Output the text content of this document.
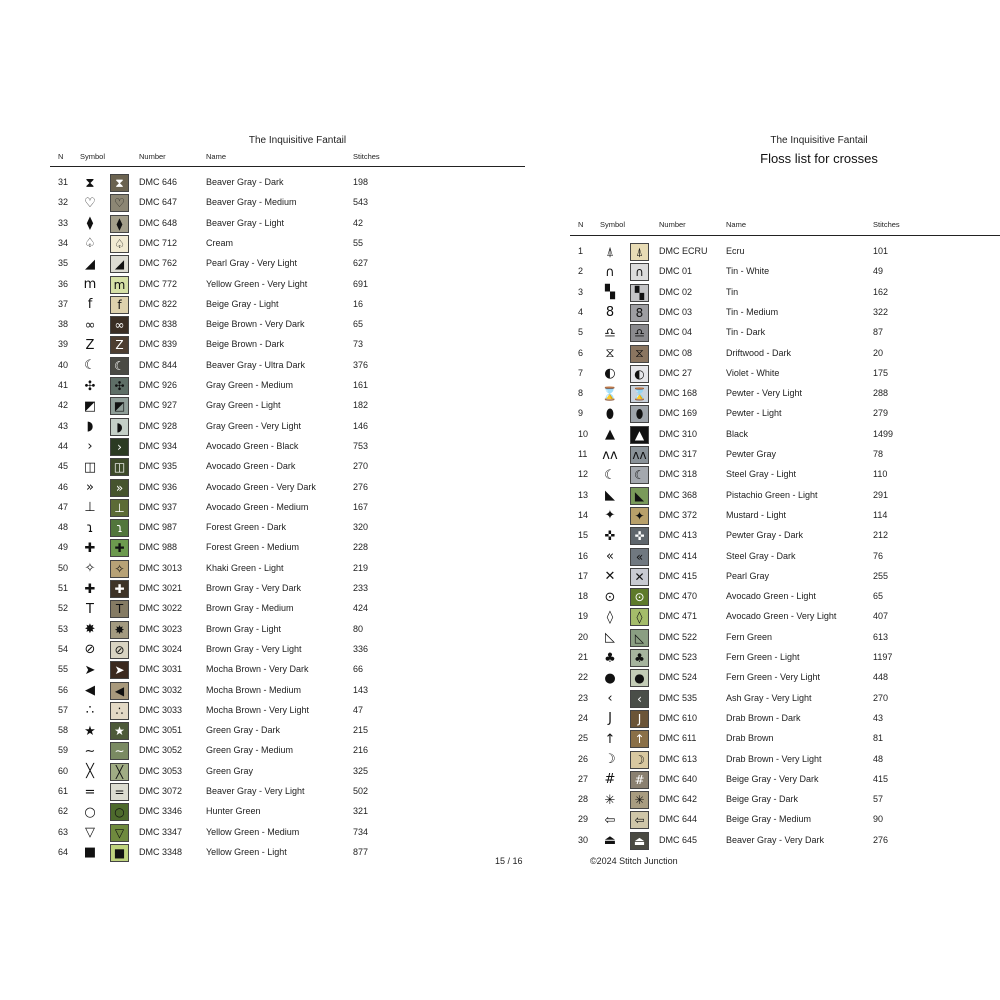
The Inquisitive Fantail
N Symbol	Number	Name	Stitches
31 ⧗	⧗	DMC 646	Beaver Gray - Dark	198
32 ♡	♡	DMC 647	Beaver Gray - Medium	543
33	⧫	⧫	DMC 648	Beaver Gray - Light	42
34 ♤	♤	DMC 712	Cream	55
35 ◢	◢	DMC 762	Pearl Gray - Very Light	627
36 m	m	DMC 772	Yellow Green - Very Light	691
37	f	f	DMC 822	Beige Gray - Light	16
38 ∞	∞	DMC 838	Beige Brown - Very Dark	65
39 Z	Z	DMC 839	Beige Brown - Dark	73
40 ☾	☾	DMC 844	Beaver Gray - Ultra Dark	376
41 ✣	✣	DMC 926	Gray Green - Medium	161
42 ◩	◩	DMC 927	Gray Green - Light	182
43	◗	◗	DMC 928	Gray Green - Very Light	146
44	›	›	DMC 934	Avocado Green - Black	753
45 ◫	◫	DMC 935	Avocado Green - Dark	270
46	»	»	DMC 936	Avocado Green - Very Dark	276
47 ⊥	⊥	DMC 937	Avocado Green - Medium	167
48	ɿ	ɿ	DMC 987	Forest Green - Dark	320
49 ✚	✚	DMC 988	Forest Green - Medium	228
50 ✧	✧	DMC 3013	Khaki Green - Light	219
51 ✚	✚	DMC 3021	Brown Gray - Very Dark	233
52	T	T	DMC 3022	Brown Gray - Medium	424
53 ✸	✸	DMC 3023	Brown Gray - Light	80
54 ⊘	⊘	DMC 3024	Brown Gray - Very Light	336
55 ➤	➤	DMC 3031	Mocha Brown - Very Dark	66
56 ◀	◀	DMC 3032	Mocha Brown - Medium	143
57 ∴	∴	DMC 3033	Mocha Brown - Very Light	47
58 ★	★	DMC 3051	Green Gray - Dark	215
59 ∼	∼	DMC 3052	Green Gray - Medium	216
60	╳	╳	DMC 3053	Green Gray	325
61 =	=	DMC 3072	Beaver Gray - Very Light	502
62 ○	○	DMC 3346	Hunter Green	321
63 ▽	▽	DMC 3347	Yellow Green - Medium	734
64 ■	■	DMC 3348	Yellow Green - Light	877
15 / 16
The Inquisitive Fantail
Floss list for crosses
N Symbol	Number	Name	Stitches
1	⍋	⍋	DMC ECRU Ecru	101
2 ∩	∩	DMC 01	Tin - White	49
3 ▚	▚	DMC 02	Tin	162
4 8	8	DMC 03	Tin - Medium	322
5 ♎	♎	DMC 04	Tin - Dark	87
6 ⧖	⧖	DMC 08	Driftwood - Dark	20
7 ◐	◐	DMC 27	Violet - White	175
8 ⌛ ⌛ DMC 168	Pewter - Very Light	288
9	⬮	⬮	DMC 169	Pewter - Light	279
10 ▲	▲	DMC 310	Black	1499
11 ʌʌ ʌʌ DMC 317	Pewter Gray	78
12 ☾	☾	DMC 318	Steel Gray - Light	110
13 ◣	◣	DMC 368	Pistachio Green - Light	291
14 ✦	✦	DMC 372	Mustard - Light	114
15 ✜	✜	DMC 413	Pewter Gray - Dark	212
16	«	«	DMC 414	Steel Gray - Dark	76
17 ✕	✕	DMC 415	Pearl Gray	255
18 ⊙	⊙	DMC 470	Avocado Green - Light	65
19	◊	◊	DMC 471	Avocado Green - Very Light	407
20 ◺	◺	DMC 522	Fern Green	613
21 ♣	♣	DMC 523	Fern Green - Light	1197
22 ●	●	DMC 524	Fern Green - Very Light	448
23	‹	‹	DMC 535	Ash Gray - Very Light	270
24	J	J	DMC 610	Drab Brown - Dark	43
25 ↑	↑	DMC 611	Drab Brown	81
26 ☽	☽	DMC 613	Drab Brown - Very Light	48
27 #	#	DMC 640	Beige Gray - Very Dark	415
28 ✳	✳	DMC 642	Beige Gray - Dark	57
29 ⇦	⇦	DMC 644	Beige Gray - Medium	90
30 ⏏	⏏	DMC 645	Beaver Gray - Very Dark	276
©2024 Stitch Junction
